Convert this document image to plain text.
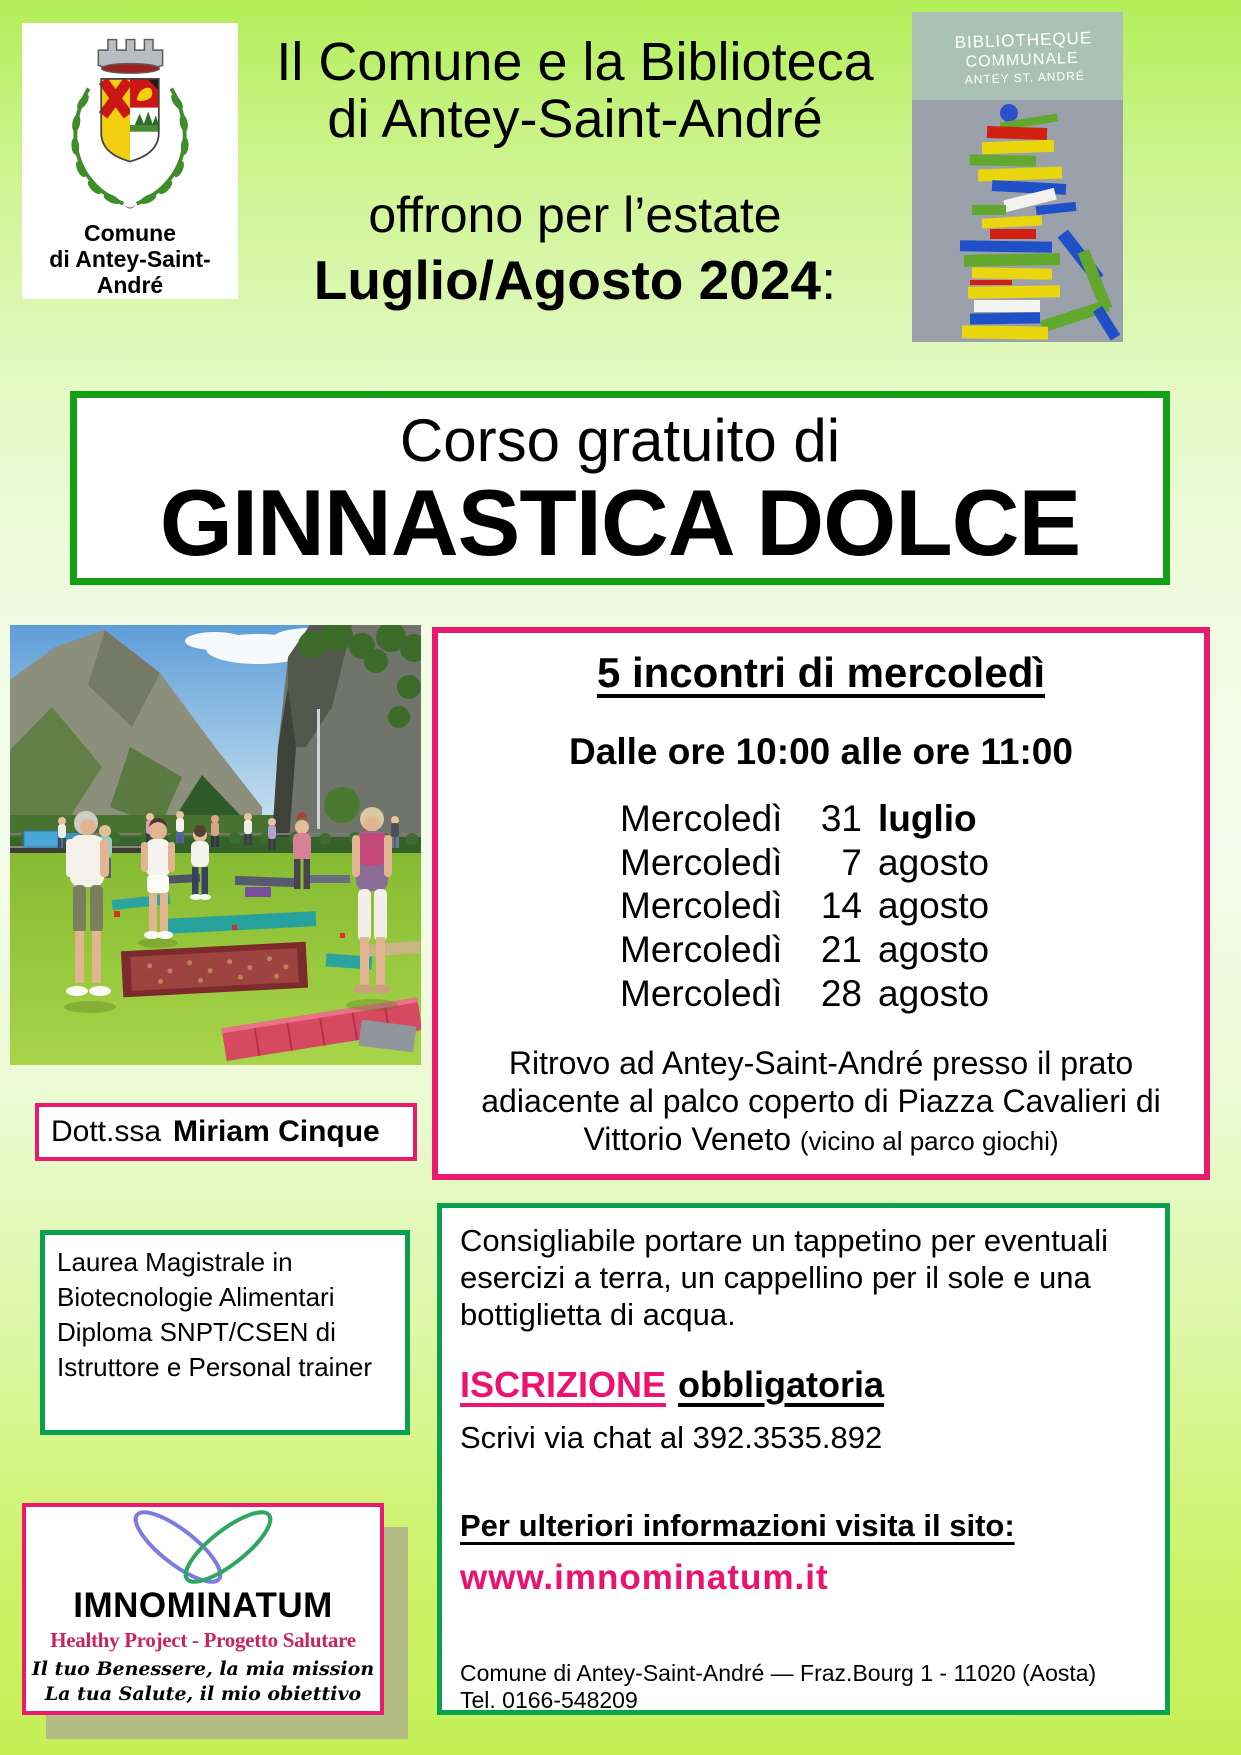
Comune
di Antey-Saint-André
Il Comune e la Biblioteca
di Antey-Saint-André
offrono per l’estate
Luglio/Agosto 2024:
BIBLIOTHEQUE
COMMUNALE
ANTEY ST. ANDRÉ
Corso gratuito di
GINNASTICA DOLCE
5 incontri di mercoledì
Dalle ore 10:00 alle ore 11:00
Mercoledì	31 luglio
Mercoledì	7 agosto
Mercoledì	14 agosto
Mercoledì	21 agosto
Mercoledì	28 agosto
Ritrovo ad Antey-Saint-André presso il prato adiacente al palco coperto di Piazza Cavalieri di Vittorio Veneto (vicino al parco giochi)
Dott.ssa Miriam Cinque
Laurea Magistrale in Biotecnologie Alimentari Diploma SNPT/CSEN di Istruttore e Personal trainer
Consigliabile portare un tappetino per eventuali esercizi a terra, un cappellino per il sole e una bottiglietta di acqua.
ISCRIZIONE obbligatoria
Scrivi via chat al 392.3535.892
Per ulteriori informazioni visita il sito:
www.imnominatum.it
Comune di Antey-Saint-André — Fraz.Bourg 1 - 11020 (Aosta)
Tel. 0166-548209
IMNOMINATUM
Healthy Project - Progetto Salutare
Il tuo Benessere, la mia mission
La tua Salute, il mio obiettivo
